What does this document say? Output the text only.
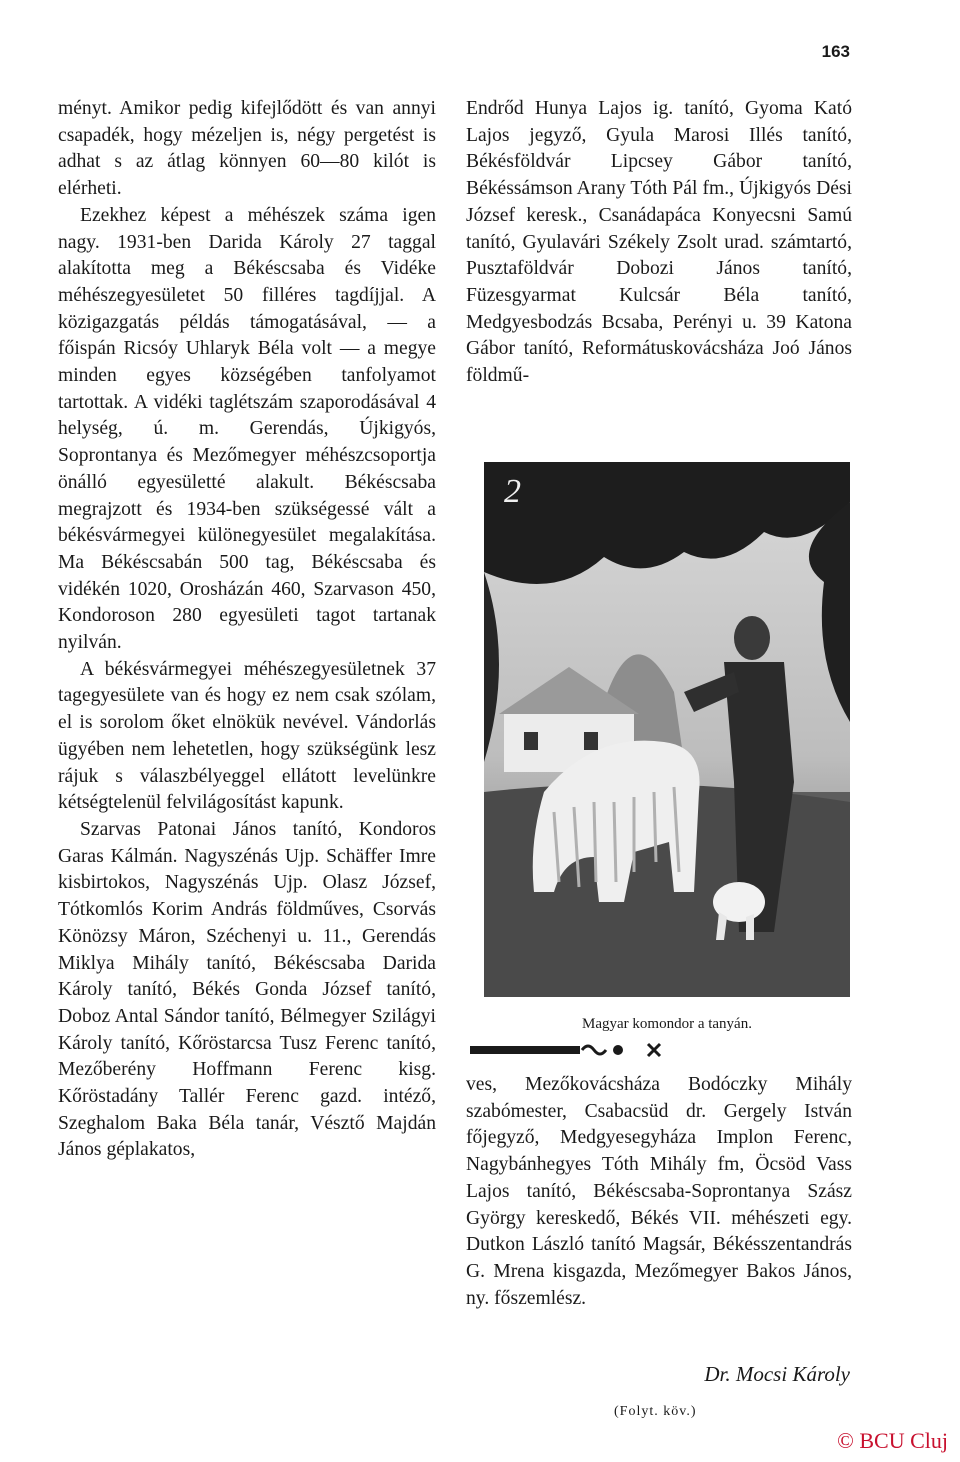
163

ményt. Amikor pedig kifejlődött és van annyi csapadék, hogy mézeljen is, négy pergetést is adhat s az átlag könnyen 60—80 kilót is elérheti.

Ezekhez képest a méhészek száma igen nagy. 1931-ben Darida Károly 27 taggal alakította meg a Békéscsaba és Vidéke méhészegyesületet 50 filléres tagdíjjal. A közigazgatás példás támogatásával, — a főispán Ricsóy Uhlaryk Béla volt — a megye minden egyes községében tanfolyamot tartottak. A vidéki taglétszám szaporodásával 4 helység, ú. m. Gerendás, Újkigyós, Soprontanya és Mezőmegyer méhészcsoportja önálló egyesületté alakult. Békéscsaba megrajzott és 1934-ben szükségessé vált a békésvármegyei különegyesület megalakítása. Ma Békéscsabán 500 tag, Békéscsaba és vidékén 1020, Orosházán 460, Szarvason 450, Kondoroson 280 egyesületi tagot tartanak nyilván.

A békésvármegyei méhészegyesületnek 37 tagegyesülete van és hogy ez nem csak szólam, el is sorolom őket elnökük nevével. Vándorlás ügyében nem lehetetlen, hogy szükségünk lesz rájuk s válaszbélyeggel ellátott levelünkre kétségtelenül felvilágosítást kapunk.

Szarvas Patonai János tanító, Kondoros Garas Kálmán. Nagyszénás Ujp. Schäffer Imre kisbirtokos, Nagyszénás Ujp. Olasz József, Tótkomlós Korim András földműves, Csorvás Könözsy Máron, Széchenyi u. 11., Gerendás Miklya Mihály tanító, Békéscsaba Darida Károly tanító, Békés Gonda József tanító, Doboz Antal Sándor tanító, Bélmegyer Szilágyi Károly tanító, Kőröstarcsa Tusz Ferenc tanító, Mezőberény Hoffmann Ferenc kisg. Kőröstadány Tallér Ferenc gazd. intéző, Szeghalom Baka Béla tanár, Vésztő Majdán János géplakatos,

Endrőd Hunya Lajos ig. tanító, Gyoma Kató Lajos jegyző, Gyula Marosi Illés tanító, Békésföldvár Lipcsey Gábor tanító, Békéssámson Arany Tóth Pál fm., Újkigyós Dési József keresk., Csanádapáca Konyecsni Samú tanító, Gyulavári Székely Zsolt urad. számtartó, Pusztaföldvár Dobozi János tanító, Füzesgyarmat Kulcsár Béla tanító, Medgyesbodzás Bcsaba, Perényi u. 39 Katona Gábor tanító, Reformátuskovácsháza Joó János földmű-

2
Magyar komondor a tanyán.

ves, Mezőkovácsháza Bodóczky Mihály szabómester, Csabacsüd dr. Gergely István főjegyző, Medgyesegyháza Implon Ferenc, Nagybánhegyes Tóth Mihály fm, Öcsöd Vass Lajos tanító, Békéscsaba-Soprontanya Szász György kereskedő, Békés VII. méhészeti egy. Dutkon László tanító Magsár, Békésszentandrás G. Mrena kisgazda, Mezőmegyer Bakos János, ny. főszemlész.

Dr. Mocsi Károly
(Folyt. köv.)
© BCU Cluj
